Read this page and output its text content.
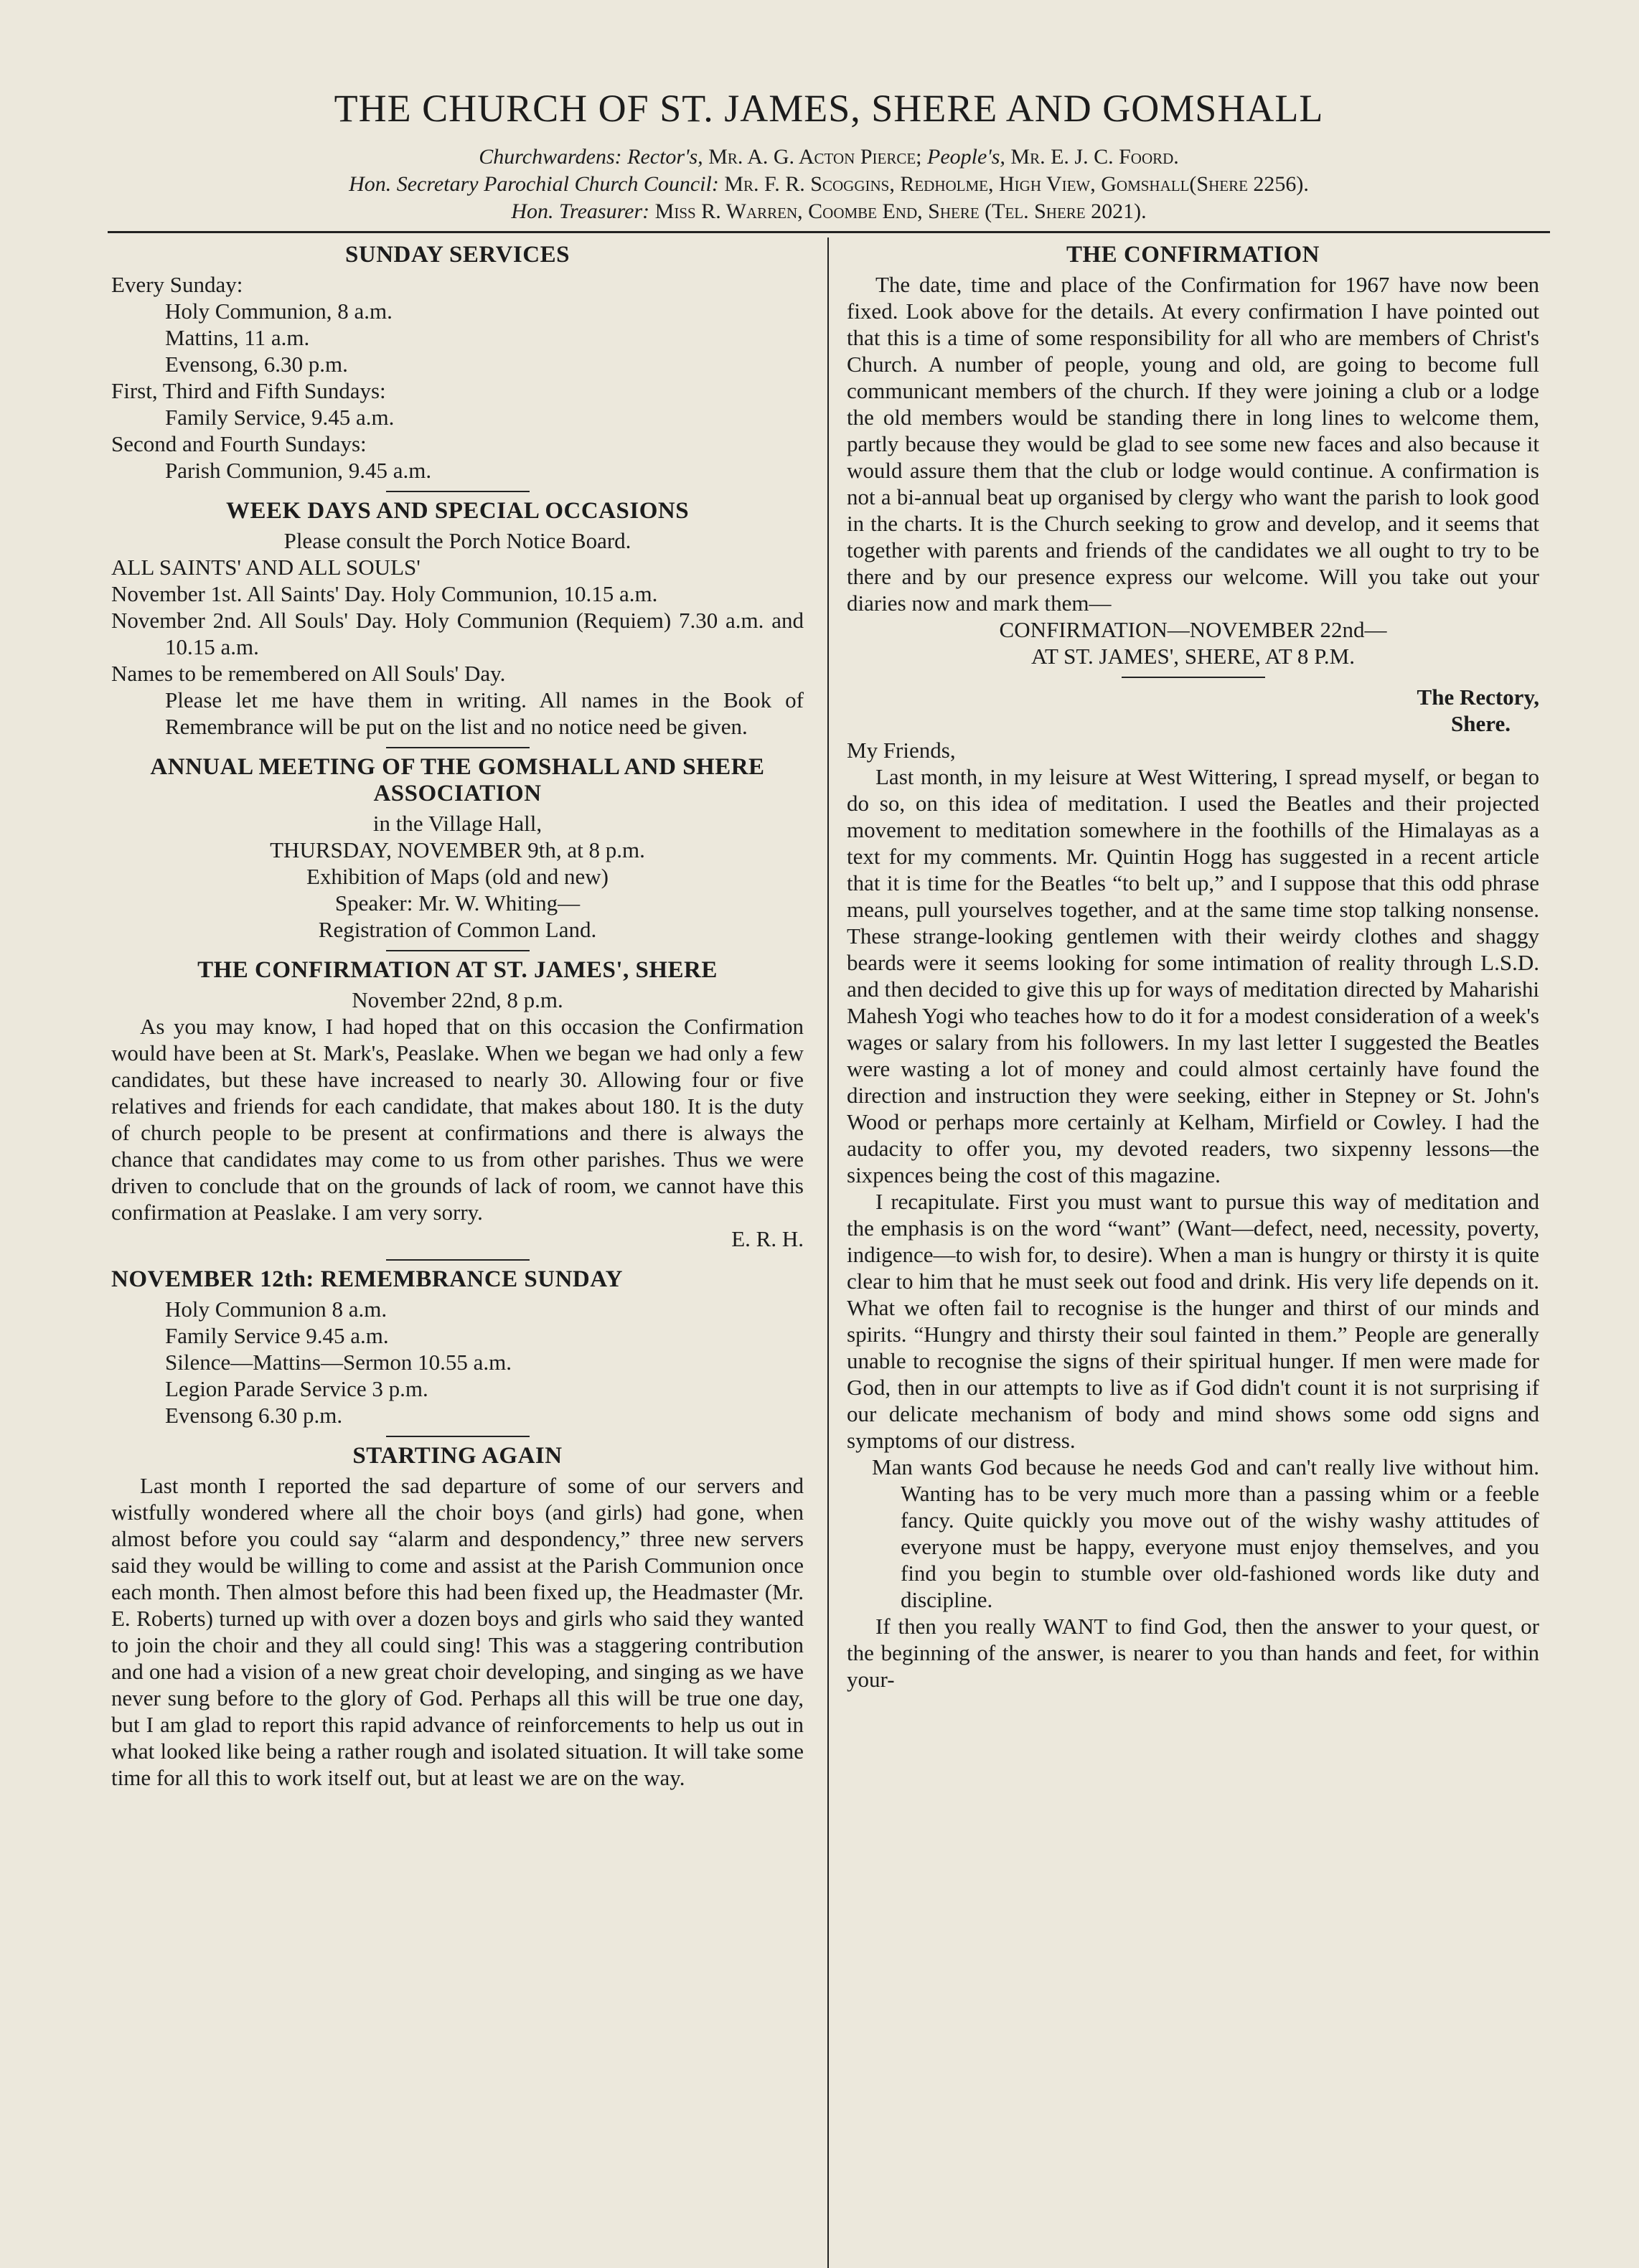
THE CHURCH OF ST. JAMES, SHERE AND GOMSHALL
Churchwardens: Rector's, Mr. A. G. Acton Pierce; People's, Mr. E. J. C. Foord.
Hon. Secretary Parochial Church Council: Mr. F. R. Scoggins, Redholme, High View, Gomshall(Shere 2256).
Hon. Treasurer: Miss R. Warren, Coombe End, Shere (Tel. Shere 2021).
SUNDAY SERVICES

Every Sunday:

Holy Communion, 8 a.m.

Mattins, 11 a.m.

Evensong, 6.30 p.m.

First, Third and Fifth Sundays:

Family Service, 9.45 a.m.

Second and Fourth Sundays:

Parish Communion, 9.45 a.m.

WEEK DAYS AND SPECIAL OCCASIONS

Please consult the Porch Notice Board.

ALL SAINTS' AND ALL SOULS'

November 1st. All Saints' Day. Holy Communion, 10.15 a.m.

November 2nd. All Souls' Day. Holy Communion (Requiem) 7.30 a.m. and 10.15 a.m.

Names to be remembered on All Souls' Day.

Please let me have them in writing. All names in the Book of Remembrance will be put on the list and no notice need be given.

ANNUAL MEETING OF THE GOMSHALL AND SHERE ASSOCIATION

in the Village Hall,

THURSDAY, NOVEMBER 9th, at 8 p.m.

Exhibition of Maps (old and new)

Speaker: Mr. W. Whiting—

Registration of Common Land.

THE CONFIRMATION AT ST. JAMES', SHERE

November 22nd, 8 p.m.

As you may know, I had hoped that on this occasion the Confirmation would have been at St. Mark's, Peaslake. When we began we had only a few candidates, but these have increased to nearly 30. Allowing four or five relatives and friends for each candidate, that makes about 180. It is the duty of church people to be present at confirmations and there is always the chance that candidates may come to us from other parishes. Thus we were driven to conclude that on the grounds of lack of room, we cannot have this confirmation at Peaslake. I am very sorry.

E. R. H.

NOVEMBER 12th: REMEMBRANCE SUNDAY

Holy Communion 8 a.m.

Family Service 9.45 a.m.

Silence—Mattins—Sermon 10.55 a.m.

Legion Parade Service 3 p.m.

Evensong 6.30 p.m.

STARTING AGAIN

Last month I reported the sad departure of some of our servers and wistfully wondered where all the choir boys (and girls) had gone, when almost before you could say “alarm and despondency,” three new servers said they would be willing to come and assist at the Parish Communion once each month. Then almost before this had been fixed up, the Headmaster (Mr. E. Roberts) turned up with over a dozen boys and girls who said they wanted to join the choir and they all could sing! This was a staggering contribution and one had a vision of a new great choir developing, and singing as we have never sung before to the glory of God. Perhaps all this will be true one day, but I am glad to report this rapid advance of reinforcements to help us out in what looked like being a rather rough and isolated situation. It will take some time for all this to work itself out, but at least we are on the way.

THE CONFIRMATION

The date, time and place of the Confirmation for 1967 have now been fixed. Look above for the details. At every confirmation I have pointed out that this is a time of some responsibility for all who are members of Christ's Church. A number of people, young and old, are going to become full communicant members of the church. If they were joining a club or a lodge the old members would be standing there in long lines to welcome them, partly because they would be glad to see some new faces and also because it would assure them that the club or lodge would continue. A confirmation is not a bi-annual beat up organised by clergy who want the parish to look good in the charts. It is the Church seeking to grow and develop, and it seems that together with parents and friends of the candidates we all ought to try to be there and by our presence express our welcome. Will you take out your diaries now and mark them—

CONFIRMATION—NOVEMBER 22nd—

AT ST. JAMES', SHERE, AT 8 P.M.

The Rectory,

Shere.

My Friends,

Last month, in my leisure at West Wittering, I spread myself, or began to do so, on this idea of meditation. I used the Beatles and their projected movement to meditation somewhere in the foothills of the Himalayas as a text for my comments. Mr. Quintin Hogg has suggested in a recent article that it is time for the Beatles “to belt up,” and I suppose that this odd phrase means, pull yourselves together, and at the same time stop talking nonsense. These strange-looking gentlemen with their weirdy clothes and shaggy beards were it seems looking for some intimation of reality through L.S.D. and then decided to give this up for ways of meditation directed by Maharishi Mahesh Yogi who teaches how to do it for a modest consideration of a week's wages or salary from his followers. In my last letter I suggested the Beatles were wasting a lot of money and could almost certainly have found the direction and instruction they were seeking, either in Stepney or St. John's Wood or perhaps more certainly at Kelham, Mirfield or Cowley. I had the audacity to offer you, my devoted readers, two sixpenny lessons—the sixpences being the cost of this magazine.

I recapitulate. First you must want to pursue this way of meditation and the emphasis is on the word “want” (Want—defect, need, necessity, poverty, indigence—to wish for, to desire). When a man is hungry or thirsty it is quite clear to him that he must seek out food and drink. His very life depends on it. What we often fail to recognise is the hunger and thirst of our minds and spirits. “Hungry and thirsty their soul fainted in them.” People are generally unable to recognise the signs of their spiritual hunger. If men were made for God, then in our attempts to live as if God didn't count it is not surprising if our delicate mechanism of body and mind shows some odd signs and symptoms of our distress.

Man wants God because he needs God and can't really live without him. Wanting has to be very much more than a passing whim or a feeble fancy. Quite quickly you move out of the wishy washy attitudes of everyone must be happy, everyone must enjoy themselves, and you find you begin to stumble over old-fashioned words like duty and discipline.

If then you really WANT to find God, then the answer to your quest, or the beginning of the answer, is nearer to you than hands and feet, for within your-
